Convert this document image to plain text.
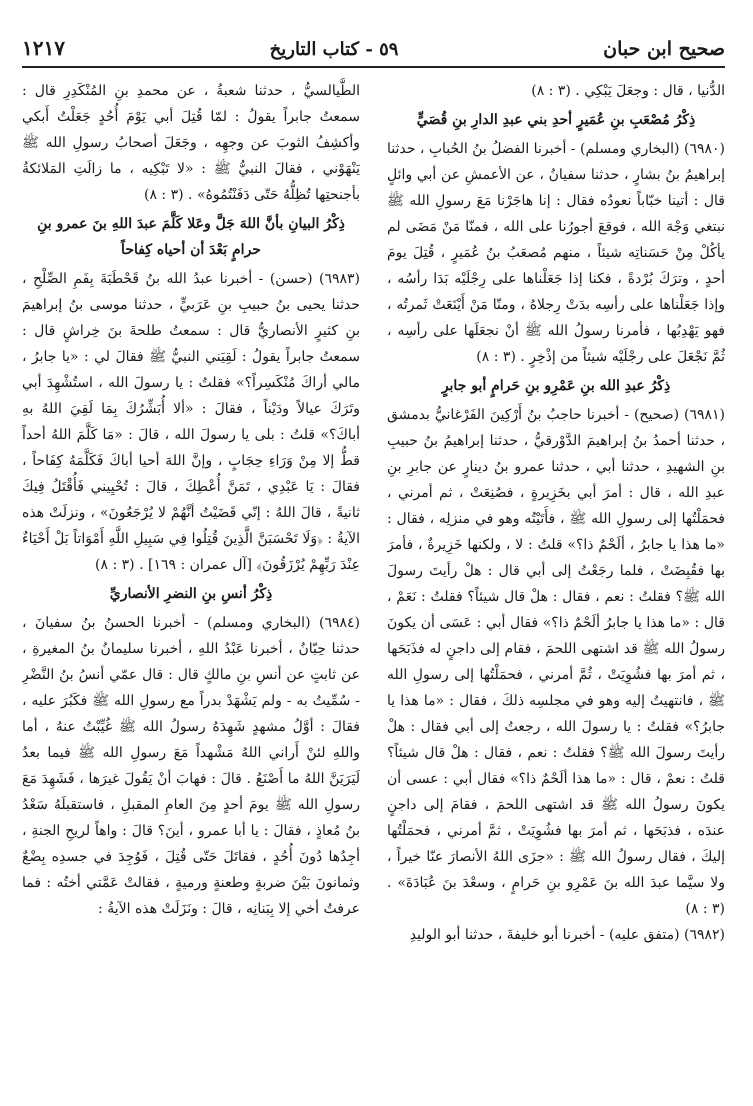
صحيح ابن حبان
٥٩ - كتاب التاريخ
١٢١٧

الدُّنيا ، قال : وجعَلَ يَبْكِي . (٣ : ٨)

ذِكْرُ مُصْعَبِ بنِ عُمَيرٍ أحدِ بني عبدِ الدارِ بنِ قُصَيٍّ

(٦٩٨٠) (البخاري ومسلم) - أخبرنا الفضلُ بنُ الحُبابِ ، حدثنا إبراهيمُ بنُ بشارٍ ، حدثنا سفيانُ ، عن الأعمشِ عن أبي وائلٍ قال : أتينا خبّاباً نعودُه فقال : إنا هاجَرْنا مَعَ رسولِ الله ﷺ نبتغي وَجْهَ الله ، فوقعَ أجورُنا على الله ، فمنّا مَنْ مَضَى لم يأكُلْ مِنْ حَسَناتِه شيئاً ، منهم مُصعَبُ بنُ عُمَيرٍ ، قُتِلَ يومَ أحدٍ ، وترَكَ بُرْدةً ، فكنا إذا جَعَلْناها على رِجْلَيْه بَدَا رأسُه ، وإذا جَعَلْناها على رأسِه بدَتْ رِجلاهُ ، ومنّا مَنْ أَيْنَعَتْ ثَمرتُه ، فهو يَهْدِبُها ، فأمرنا رسولُ الله ﷺ أنْ نجعَلَها على رأسِه ، ثُمَّ نَجْعَلَ على رجْلَيْه شيئاً من إذْخِرٍ . (٣ : ٨)

ذِكْرُ عبدِ الله بنِ عَمْرِو بنِ حَرامٍ أبو جابرٍ

(٦٩٨١) (صحيح) - أخبرنا حاجبُ بنُ أَرْكِينَ الفَرْغانيُّ بدمشق ، حدثنا أحمدُ بنُ إبراهيمَ الدَّوْرقيُّ ، حدثنا إبراهيمُ بنُ حبيبِ بنِ الشهيدِ ، حدثنا أبي ، حدثنا عمرو بنُ دينارٍ عن جابرِ بنِ عبدِ الله ، قال : أمرَ أبي بخَزِيرةٍ ، فصُنِعَتْ ، ثم أمرني ، فحمَلْتُها إلى رسولِ الله ﷺ ، فأَتَيْتُه وهو في منزلِه ، فقال : «ما هذا يا جابرُ ، ألَحْمٌ ذا؟» قلتُ : لا ، ولكنها خَزِيرةٌ ، فأمرَ بها فقُبِضَتْ ، فلما رجَعْتُ إلى أبي قال : هلْ رأيتَ رسولَ الله ﷺ؟ فقلتُ : نعم ، فقال : هلْ قال شيئاً؟ فقلتُ : نَعَمْ ، قال : «ما هذا يا جابرُ ألَحْمٌ ذا؟» فقال أبي : عَسَى أن يكونَ رسولُ الله ﷺ قد اشتهى اللحمَ ، فقام إلى داجنٍ له فذَبَحَها ، ثم أمرَ بها فشُوِيَتْ ، ثُمَّ أمرني ، فحمَلْتُها إلى رسولِ الله ﷺ ، فانتهيتُ إليه وهو في مجلسِه ذلكَ ، فقال : «ما هذا يا جابرُ؟» فقلتُ : يا رسولَ الله ، رجعتُ إلى أبي فقال : هلْ رأيتَ رسولَ الله ﷺ؟ فقلتُ : نعم ، فقال : هلْ قال شيئاً؟ قلتُ : نعمْ ، قال : «ما هذا ألَحْمٌ ذا؟» فقال أبي : عسى أن يكونَ رسولُ الله ﷺ قد اشتهى اللحمَ ، فقامَ إلى داجنٍ عندَه ، فذبَحَها ، ثم أمرَ بها فشُوِيَتْ ، ثمَّ أمرني ، فحمَلْتُها إليكَ ، فقال رسولُ الله ﷺ : «جزَى اللهُ الأنصارَ عنّا خيراً ، ولا سيَّما عبدَ الله بنَ عَمْرِو بنِ حَرامٍ ، وسعْدَ بنَ عُبَادَةَ» . (٣ : ٨)

(٦٩٨٢) (متفق عليه) - أخبرنا أبو خليفةَ ، حدثنا أبو الوليدِ

الطَّيالسيُّ ، حدثنا شعبةُ ، عن محمدِ بنِ المُنْكَدِرِ قال : سمعتُ جابراً يقولُ : لمّا قُتِلَ أبي يَوْمَ أُحُدٍ جَعَلْتُ أَبكي وأكشِفُ الثوبَ عن وجهِه ، وجَعَلَ أصحابُ رسولِ الله ﷺ يَنْهَوْني ، فقالَ النبيُّ ﷺ : «لا تَبْكِيه ، ما زالَتِ المَلائكةُ بأجنحتِها تُظِلُّهُ حَتّى دَفَنْتُمُوهُ» . (٣ : ٨)

ذِكْرُ البيانِ بأنَّ اللهَ جَلَّ وعَلا كَلَّمَ عبدَ اللهِ بنَ عمرو بنِ حرامٍ بَعْدَ أن أحياه كِفاحاً

(٦٩٨٣) (حسن) - أخبرنا عبدُ الله بنُ قَحْطَبَةَ بِفَمِ الصِّلْحِ ، حدثنا يحيى بنُ حبيبِ بنِ عَرَبيٍّ ، حدثنا موسى بنُ إبراهيمَ بنِ كثيرٍ الأنصاريُّ قال : سمعتُ طلحةَ بنَ خِراشٍ قال : سمعتُ جابراً يقولُ : لَقِيَني النبيُّ ﷺ فقالَ لي : «يا جابرُ ، مالي أراكَ مُنْكَسِراً؟» فقلتُ : يا رسولَ الله ، استُشْهِدَ أبي وتَرَكَ عيالاً ودَيْناً ، فقالَ : «ألا أُبَشِّرُكَ بِمَا لَقِيَ اللهُ بهِ أباكَ؟» قلتُ : بلى يا رسولَ الله ، قالَ : «مَا كَلَّمَ اللهُ أحداً قطُّ إلا مِنْ وَرَاءِ حِجَابٍ ، وإنَّ اللهَ أحيا أباكَ فَكَلَّمَهُ كِفَاحاً ، فقالَ : يَا عَبْدِي ، تَمَنَّ أُعْطِكَ ، قالَ : تُحْيِيني فَأُقْتَلُ فِيكَ ثانيةً ، قالَ اللهُ : إنّي قَضَيْتُ أنَّهُمْ لا يُرْجَعُونَ» ، ونزلَتْ هذه الآيةُ : ﴿وَلَا تَحْسَبَنَّ الَّذِينَ قُتِلُوا فِي سَبِيلِ اللَّهِ أَمْوَاتاً بَلْ أَحْيَاءٌ عِنْدَ رَبِّهِمْ يُرْزَقُونَ﴾ [آل عمران : ١٦٩] . (٣ : ٨)

ذِكْرُ أنسِ بنِ النضرِ الأنصاريِّ

(٦٩٨٤) (البخاري ومسلم) - أخبرنا الحسنُ بنُ سفيانَ ، حدثنا حِبّانُ ، أخبرنا عَبْدُ اللهِ ، أخبرنا سليمانُ بنُ المغيرةِ ، عن ثابتٍ عن أنسِ بنِ مالكٍ قال : قال عمّي أنسُ بنُ النَّضْرِ - سُمِّيتُ به - ولم يَشْهَدْ بدراً مع رسولِ الله ﷺ فكَبُرَ عليه ، فقالَ : أوَّلُ مشهدٍ شَهِدَهُ رسولُ الله ﷺ غُيِّبْتُ عنهُ ، أما واللهِ لئنْ أَراني اللهُ مَشْهداً مَعَ رسولِ الله ﷺ فيما بعدُ لَيَرَيَنَّ اللهُ ما أَصْنَعُ . قالَ : فهابَ أنْ يَقُولَ غيرَها ، فَشَهِدَ مَعَ رسولِ الله ﷺ يومَ أحدٍ مِنَ العامِ المقبلِ ، فاستقبلَهُ سَعْدُ بنُ مُعاذٍ ، فقالَ : يا أبا عمرو ، أينَ؟ قالَ : واهاً لريحِ الجنةِ ، أجِدُها دُونَ أُحُدٍ ، فقاتَلَ حَتّى قُتِلَ ، فَوُجِدَ في جسدِه بِضْعٌ وثمانونَ بَيْنَ ضربةٍ وطعنةٍ ورميةٍ ، فقالتْ عَمَّتي أختُه : فما عرفتُ أخي إلا بِبَنانِه ، قالَ : ونَزَلَتْ هذه الآيةُ :
